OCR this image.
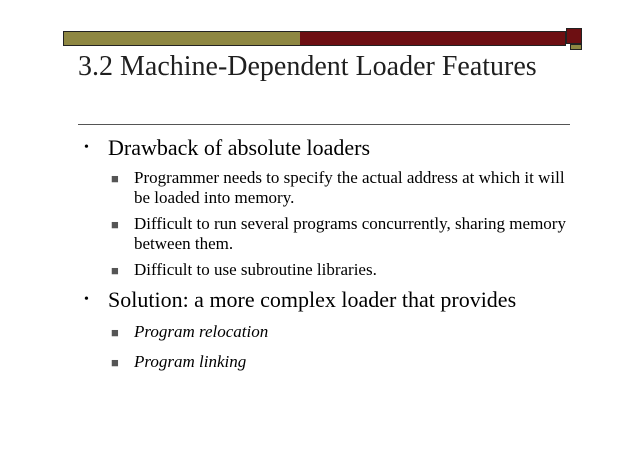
3.2 Machine-Dependent Loader Features
• Drawback of absolute loaders
■ Programmer needs to specify the actual address at which it will be loaded into memory.
■ Difficult to run several programs concurrently, sharing memory between them.
■ Difficult to use subroutine libraries.
• Solution: a more complex loader that provides
■ Program relocation
■ Program linking
